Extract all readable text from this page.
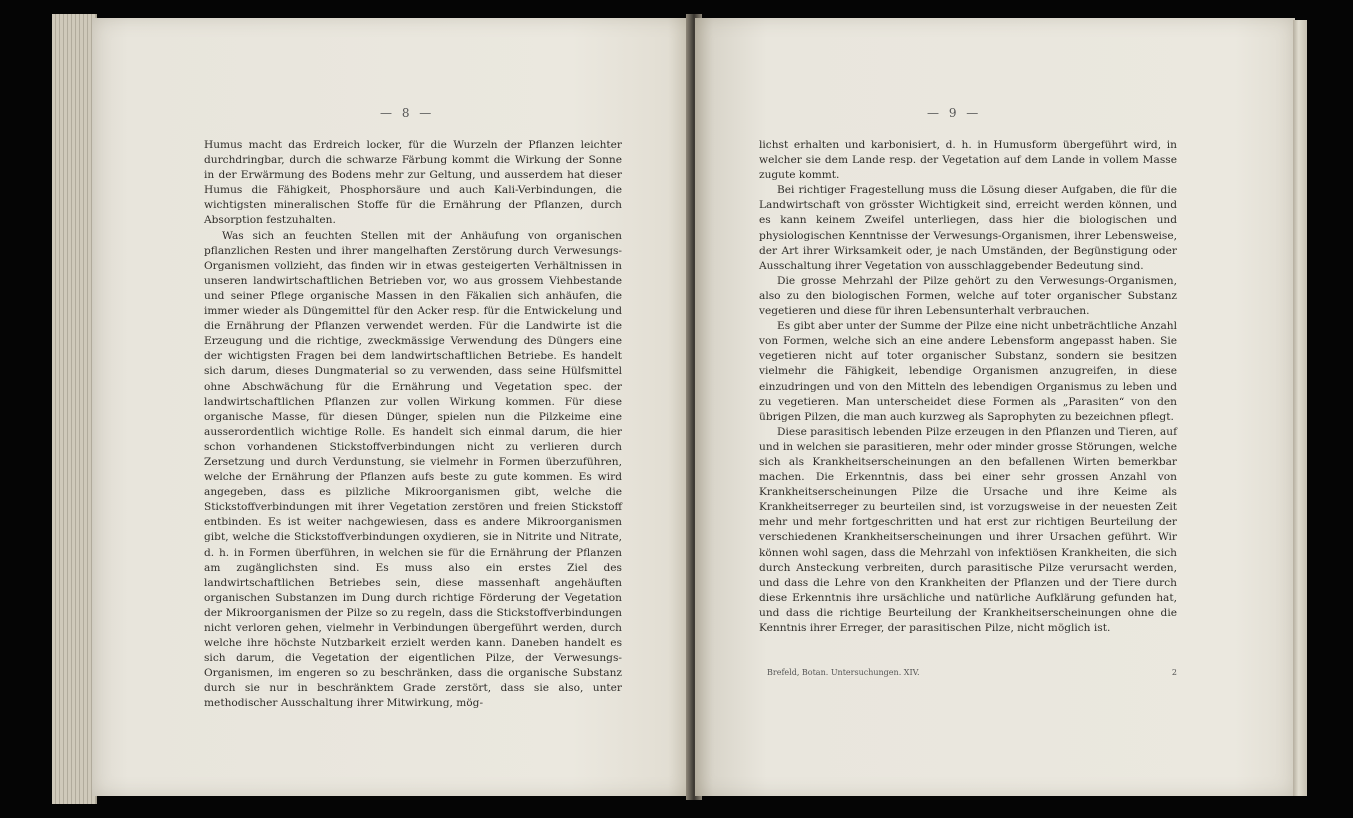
— 8 —

Humus macht das Erdreich locker, für die Wurzeln der Pflanzen leichter durchdringbar, durch die schwarze Färbung kommt die Wirkung der Sonne in der Erwärmung des Bodens mehr zur Geltung, und ausserdem hat dieser Humus die Fähigkeit, Phosphorsäure und auch Kali-Verbindungen, die wichtigsten mineralischen Stoffe für die Ernährung der Pflanzen, durch Absorption festzuhalten.

Was sich an feuchten Stellen mit der Anhäufung von organischen pflanzlichen Resten und ihrer mangelhaften Zerstörung durch Verwesungs-Organismen vollzieht, das finden wir in etwas gesteigerten Verhältnissen in unseren landwirtschaftlichen Betrieben vor, wo aus grossem Viehbestande und seiner Pflege organische Massen in den Fäkalien sich anhäufen, die immer wieder als Düngemittel für den Acker resp. für die Entwickelung und die Ernährung der Pflanzen verwendet werden. Für die Landwirte ist die Erzeugung und die richtige, zweckmässige Verwendung des Düngers eine der wichtigsten Fragen bei dem landwirtschaftlichen Betriebe. Es handelt sich darum, dieses Dungmaterial so zu verwenden, dass seine Hülfsmittel ohne Abschwächung für die Ernährung und Vegetation spec. der landwirtschaftlichen Pflanzen zur vollen Wirkung kommen. Für diese organische Masse, für diesen Dünger, spielen nun die Pilzkeime eine ausserordentlich wichtige Rolle. Es handelt sich einmal darum, die hier schon vorhandenen Stickstoffverbindungen nicht zu verlieren durch Zersetzung und durch Verdunstung, sie vielmehr in Formen überzuführen, welche der Ernährung der Pflanzen aufs beste zu gute kommen. Es wird angegeben, dass es pilzliche Mikroorganismen gibt, welche die Stickstoffverbindungen mit ihrer Vegetation zerstören und freien Stickstoff entbinden. Es ist weiter nachgewiesen, dass es andere Mikroorganismen gibt, welche die Stickstoffverbindungen oxydieren, sie in Nitrite und Nitrate, d. h. in Formen überführen, in welchen sie für die Ernährung der Pflanzen am zugänglichsten sind. Es muss also ein erstes Ziel des landwirtschaftlichen Betriebes sein, diese massenhaft angehäuften organischen Substanzen im Dung durch richtige Förderung der Vegetation der Mikroorganismen der Pilze so zu regeln, dass die Stickstoffverbindungen nicht verloren gehen, vielmehr in Verbindungen übergeführt werden, durch welche ihre höchste Nutzbarkeit erzielt werden kann. Daneben handelt es sich darum, die Vegetation der eigentlichen Pilze, der Verwesungs-Organismen, im engeren so zu beschränken, dass die organische Substanz durch sie nur in beschränktem Grade zerstört, dass sie also, unter methodischer Ausschaltung ihrer Mitwirkung, mög-

— 9 —

lichst erhalten und karbonisiert, d. h. in Humusform übergeführt wird, in welcher sie dem Lande resp. der Vegetation auf dem Lande in vollem Masse zugute kommt.

Bei richtiger Fragestellung muss die Lösung dieser Aufgaben, die für die Landwirtschaft von grösster Wichtigkeit sind, erreicht werden können, und es kann keinem Zweifel unterliegen, dass hier die biologischen und physiologischen Kenntnisse der Verwesungs-Organismen, ihrer Lebensweise, der Art ihrer Wirksamkeit oder, je nach Umständen, der Begünstigung oder Ausschaltung ihrer Vegetation von ausschlaggebender Bedeutung sind.

Die grosse Mehrzahl der Pilze gehört zu den Verwesungs-Organismen, also zu den biologischen Formen, welche auf toter organischer Substanz vegetieren und diese für ihren Lebensunterhalt verbrauchen.

Es gibt aber unter der Summe der Pilze eine nicht unbeträchtliche Anzahl von Formen, welche sich an eine andere Lebensform angepasst haben. Sie vegetieren nicht auf toter organischer Substanz, sondern sie besitzen vielmehr die Fähigkeit, lebendige Organismen anzugreifen, in diese einzudringen und von den Mitteln des lebendigen Organismus zu leben und zu vegetieren. Man unterscheidet diese Formen als „Parasiten“ von den übrigen Pilzen, die man auch kurzweg als Saprophyten zu bezeichnen pflegt.

Diese parasitisch lebenden Pilze erzeugen in den Pflanzen und Tieren, auf und in welchen sie parasitieren, mehr oder minder grosse Störungen, welche sich als Krankheitserscheinungen an den befallenen Wirten bemerkbar machen. Die Erkenntnis, dass bei einer sehr grossen Anzahl von Krankheitserscheinungen Pilze die Ursache und ihre Keime als Krankheitserreger zu beurteilen sind, ist vorzugsweise in der neuesten Zeit mehr und mehr fortgeschritten und hat erst zur richtigen Beurteilung der verschiedenen Krankheitserscheinungen und ihrer Ursachen geführt. Wir können wohl sagen, dass die Mehrzahl von infektiösen Krankheiten, die sich durch Ansteckung verbreiten, durch parasitische Pilze verursacht werden, und dass die Lehre von den Krankheiten der Pflanzen und der Tiere durch diese Erkenntnis ihre ursächliche und natürliche Aufklärung gefunden hat, und dass die richtige Beurteilung der Krankheitserscheinungen ohne die Kenntnis ihrer Erreger, der parasitischen Pilze, nicht möglich ist.

Brefeld, Botan. Untersuchungen. XIV.	2
